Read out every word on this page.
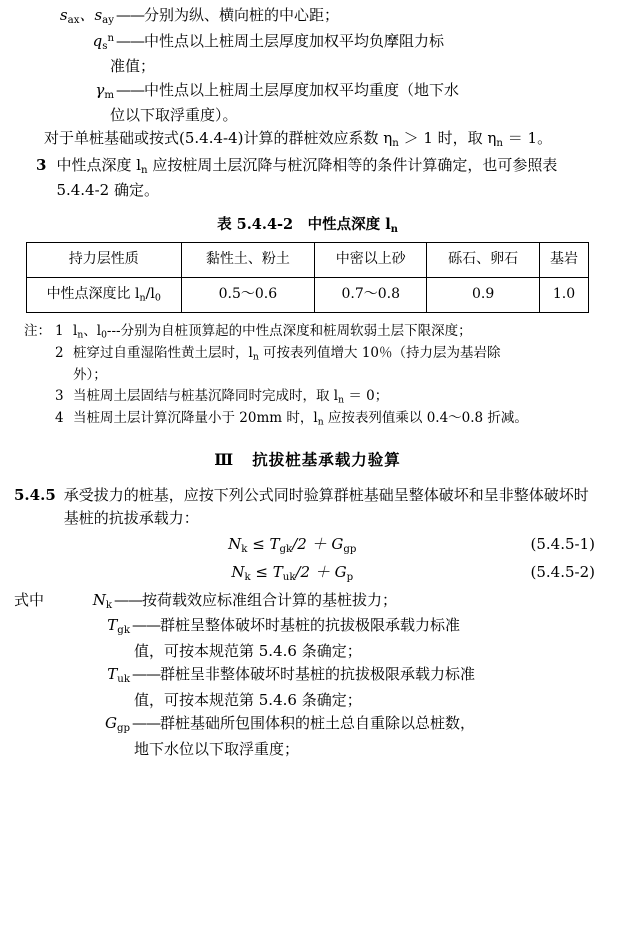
$s_{ax}$、$s_{ay}$ —— 分别为纵、横向桩的中心距；
$q_s^n$ —— 中性点以上桩周土层厚度加权平均负摩阻力标
准值；
$\gamma_m$ —— 中性点以上桩周土层厚度加权平均重度（地下水
位以下取浮重度）。

对于单桩基础或按式(5.4.4-4)计算的群桩效应系数 $\eta_n > 1$ 时，取 $\eta_n = 1$。

3 中性点深度 $l_n$ 应按桩周土层沉降与桩沉降相等的条件计算确定，也可参照表 5.4.4-2 确定。
表 5.4.4-2　中性点深度 $l_n$
持力层性质	黏性土、粉土	中密以上砂	砾石、卵石	基岩
中性点深度比 $l_n/l_0$	0.5～0.6	0.7～0.8	0.9	1.0
注： 1 $l_n$、$l_0---$分别为自桩顶算起的中性点深度和桩周软弱土层下限深度；
2 桩穿过自重湿陷性黄土层时，$l_n$ 可按表列值增大 10％（持力层为基岩除
外）；
3 当桩周土层固结与桩基沉降同时完成时，取 $l_n = 0$；
4 当桩周土层计算沉降量小于 20mm 时，$l_n$ 应按表列值乘以 0.4～0.8 折减。
Ⅲ 抗拔桩基承载力验算
5.4.5 承受拔力的桩基，应按下列公式同时验算群桩基础呈整体破坏和呈非整体破坏时基桩的抗拔承载力：
$N_k \le T_{gk}/2 + G_{gp}$	(5.4.5-1)
$N_k \le T_{uk}/2 + G_p$	(5.4.5-2)
式中	$N_k$ —— 按荷载效应标准组合计算的基桩拔力；
$T_{gk}$ —— 群桩呈整体破坏时基桩的抗拔极限承载力标准
值，可按本规范第 5.4.6 条确定；
$T_{uk}$ —— 群桩呈非整体破坏时基桩的抗拔极限承载力标准
值，可按本规范第 5.4.6 条确定；
$G_{gp}$ —— 群桩基础所包围体积的桩土总自重除以总桩数，
地下水位以下取浮重度；
